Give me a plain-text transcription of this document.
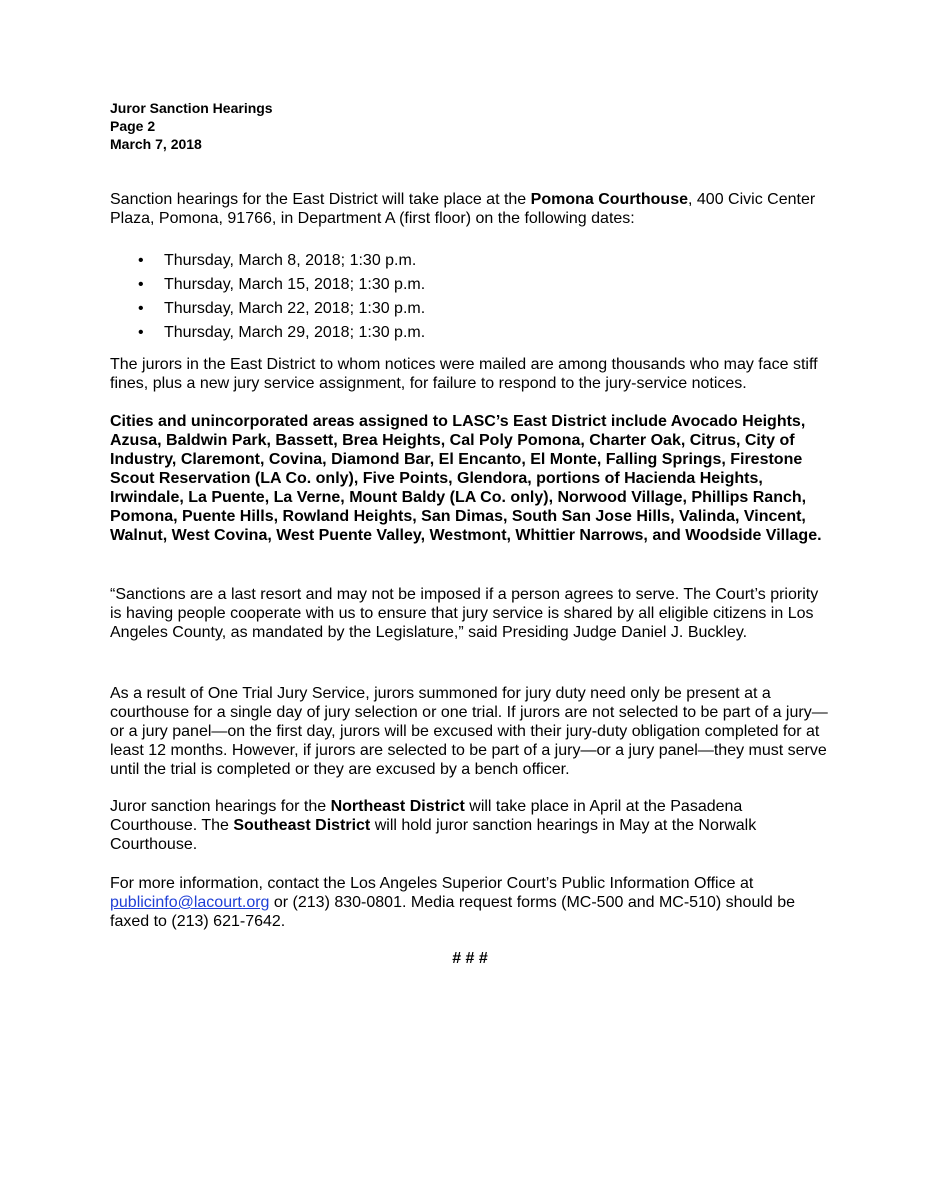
Juror Sanction Hearings
Page 2
March 7, 2018
Sanction hearings for the East District will take place at the Pomona Courthouse, 400 Civic Center Plaza, Pomona, 91766, in Department A (first floor) on the following dates:
• Thursday, March 8, 2018; 1:30 p.m.
• Thursday, March 15, 2018; 1:30 p.m.
• Thursday, March 22, 2018; 1:30 p.m.
• Thursday, March 29, 2018; 1:30 p.m.
The jurors in the East District to whom notices were mailed are among thousands who may face stiff fines, plus a new jury service assignment, for failure to respond to the jury-service notices.
Cities and unincorporated areas assigned to LASC’s East District include Avocado Heights, Azusa, Baldwin Park, Bassett, Brea Heights, Cal Poly Pomona, Charter Oak, Citrus, City of Industry, Claremont, Covina, Diamond Bar, El Encanto, El Monte, Falling Springs, Firestone Scout Reservation (LA Co. only), Five Points, Glendora, portions of Hacienda Heights, Irwindale, La Puente, La Verne, Mount Baldy (LA Co. only), Norwood Village, Phillips Ranch, Pomona, Puente Hills, Rowland Heights, San Dimas, South San Jose Hills, Valinda, Vincent, Walnut, West Covina, West Puente Valley, Westmont, Whittier Narrows, and Woodside Village.
“Sanctions are a last resort and may not be imposed if a person agrees to serve. The Court’s priority is having people cooperate with us to ensure that jury service is shared by all eligible citizens in Los Angeles County, as mandated by the Legislature,” said Presiding Judge Daniel J. Buckley.
As a result of One Trial Jury Service, jurors summoned for jury duty need only be present at a courthouse for a single day of jury selection or one trial. If jurors are not selected to be part of a jury—or a jury panel—on the first day, jurors will be excused with their jury-duty obligation completed for at least 12 months. However, if jurors are selected to be part of a jury—or a jury panel—they must serve until the trial is completed or they are excused by a bench officer.
Juror sanction hearings for the Northeast District will take place in April at the Pasadena Courthouse. The Southeast District will hold juror sanction hearings in May at the Norwalk Courthouse.
For more information, contact the Los Angeles Superior Court’s Public Information Office at publicinfo@lacourt.org or (213) 830-0801. Media request forms (MC-500 and MC-510) should be faxed to (213) 621-7642.
# # #
